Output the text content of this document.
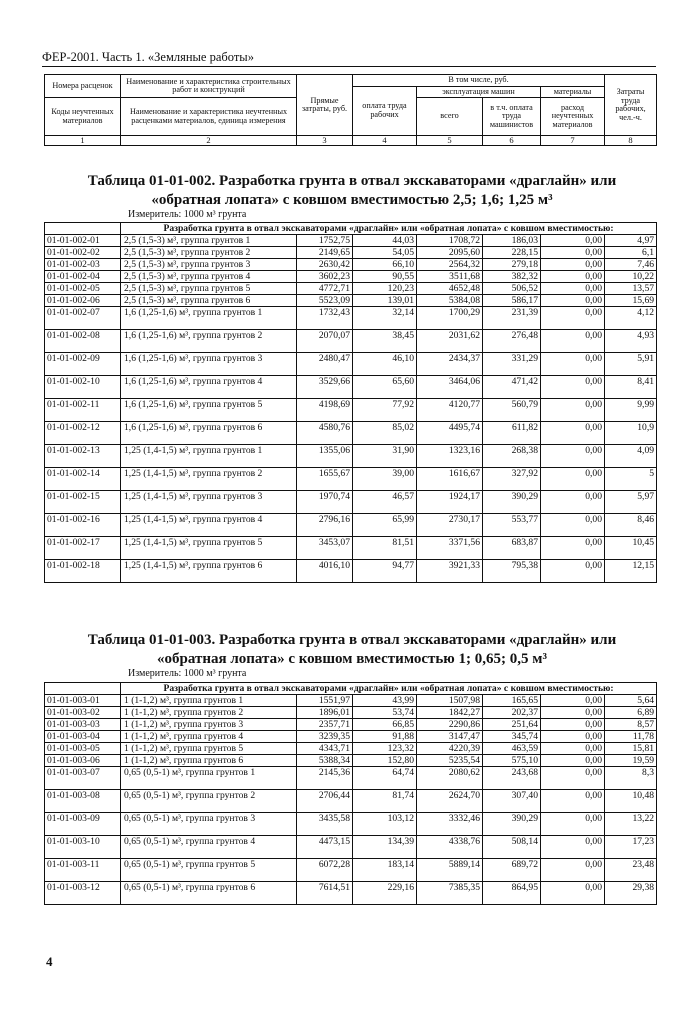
ФЕР-2001. Часть 1. «Земляные работы»
Номера расценок	Наименование и характеристика строительных работ и конструкций	Прямые затраты, руб.	В том числе, руб.				Затраты труда рабочих, чел.-ч.
			оплата труда рабочих	эксплуатация машин		материалы	
Коды неучтенных материалов	Наименование и характеристика неучтенных расценками материалов, единица измерения			всего	в т.ч. оплата труда машинистов	расход неучтенных материалов	

1	2	3	4	5	6	7	8
Таблица 01-01-002. Разработка грунта в отвал экскаваторами «драглайн» или «обратная лопата» с ковшом вместимостью 2,5; 1,6; 1,25 м³
Измеритель: 1000 м³ грунта
	Разработка грунта в отвал экскаваторами «драглайн» или «обратная лопата» с ковшом вместимостью:						
01-01-002-01	2,5 (1,5-3) м³, группа грунтов 1	1752,75	44,03	1708,72	186,03	0,00	4,97
01-01-002-02	2,5 (1,5-3) м³, группа грунтов 2	2149,65	54,05	2095,60	228,15	0,00	6,1
01-01-002-03	2,5 (1,5-3) м³, группа грунтов 3	2630,42	66,10	2564,32	279,18	0,00	7,46
01-01-002-04	2,5 (1,5-3) м³, группа грунтов 4	3602,23	90,55	3511,68	382,32	0,00	10,22
01-01-002-05	2,5 (1,5-3) м³, группа грунтов 5	4772,71	120,23	4652,48	506,52	0,00	13,57
01-01-002-06	2,5 (1,5-3) м³, группа грунтов 6	5523,09	139,01	5384,08	586,17	0,00	15,69
01-01-002-07	1,6 (1,25-1,6) м³, группа грунтов 1	1732,43	32,14	1700,29	231,39	0,00	4,12
01-01-002-08	1,6 (1,25-1,6) м³, группа грунтов 2	2070,07	38,45	2031,62	276,48	0,00	4,93
01-01-002-09	1,6 (1,25-1,6) м³, группа грунтов 3	2480,47	46,10	2434,37	331,29	0,00	5,91
01-01-002-10	1,6 (1,25-1,6) м³, группа грунтов 4	3529,66	65,60	3464,06	471,42	0,00	8,41
01-01-002-11	1,6 (1,25-1,6) м³, группа грунтов 5	4198,69	77,92	4120,77	560,79	0,00	9,99
01-01-002-12	1,6 (1,25-1,6) м³, группа грунтов 6	4580,76	85,02	4495,74	611,82	0,00	10,9
01-01-002-13	1,25 (1,4-1,5) м³, группа грунтов 1	1355,06	31,90	1323,16	268,38	0,00	4,09
01-01-002-14	1,25 (1,4-1,5) м³, группа грунтов 2	1655,67	39,00	1616,67	327,92	0,00	5
01-01-002-15	1,25 (1,4-1,5) м³, группа грунтов 3	1970,74	46,57	1924,17	390,29	0,00	5,97
01-01-002-16	1,25 (1,4-1,5) м³, группа грунтов 4	2796,16	65,99	2730,17	553,77	0,00	8,46
01-01-002-17	1,25 (1,4-1,5) м³, группа грунтов 5	3453,07	81,51	3371,56	683,87	0,00	10,45
01-01-002-18	1,25 (1,4-1,5) м³, группа грунтов 6	4016,10	94,77	3921,33	795,38	0,00	12,15
Таблица 01-01-003. Разработка грунта в отвал экскаваторами «драглайн» или «обратная лопата» с ковшом вместимостью 1; 0,65; 0,5 м³
Измеритель: 1000 м³ грунта
	Разработка грунта в отвал экскаваторами «драглайн» или «обратная лопата» с ковшом вместимостью:						
01-01-003-01	1 (1-1,2) м³, группа грунтов 1	1551,97	43,99	1507,98	165,65	0,00	5,64
01-01-003-02	1 (1-1,2) м³, группа грунтов 2	1896,01	53,74	1842,27	202,37	0,00	6,89
01-01-003-03	1 (1-1,2) м³, группа грунтов 3	2357,71	66,85	2290,86	251,64	0,00	8,57
01-01-003-04	1 (1-1,2) м³, группа грунтов 4	3239,35	91,88	3147,47	345,74	0,00	11,78
01-01-003-05	1 (1-1,2) м³, группа грунтов 5	4343,71	123,32	4220,39	463,59	0,00	15,81
01-01-003-06	1 (1-1,2) м³, группа грунтов 6	5388,34	152,80	5235,54	575,10	0,00	19,59
01-01-003-07	0,65 (0,5-1) м³, группа грунтов 1	2145,36	64,74	2080,62	243,68	0,00	8,3
01-01-003-08	0,65 (0,5-1) м³, группа грунтов 2	2706,44	81,74	2624,70	307,40	0,00	10,48
01-01-003-09	0,65 (0,5-1) м³, группа грунтов 3	3435,58	103,12	3332,46	390,29	0,00	13,22
01-01-003-10	0,65 (0,5-1) м³, группа грунтов 4	4473,15	134,39	4338,76	508,14	0,00	17,23
01-01-003-11	0,65 (0,5-1) м³, группа грунтов 5	6072,28	183,14	5889,14	689,72	0,00	23,48
01-01-003-12	0,65 (0,5-1) м³, группа грунтов 6	7614,51	229,16	7385,35	864,95	0,00	29,38
4
